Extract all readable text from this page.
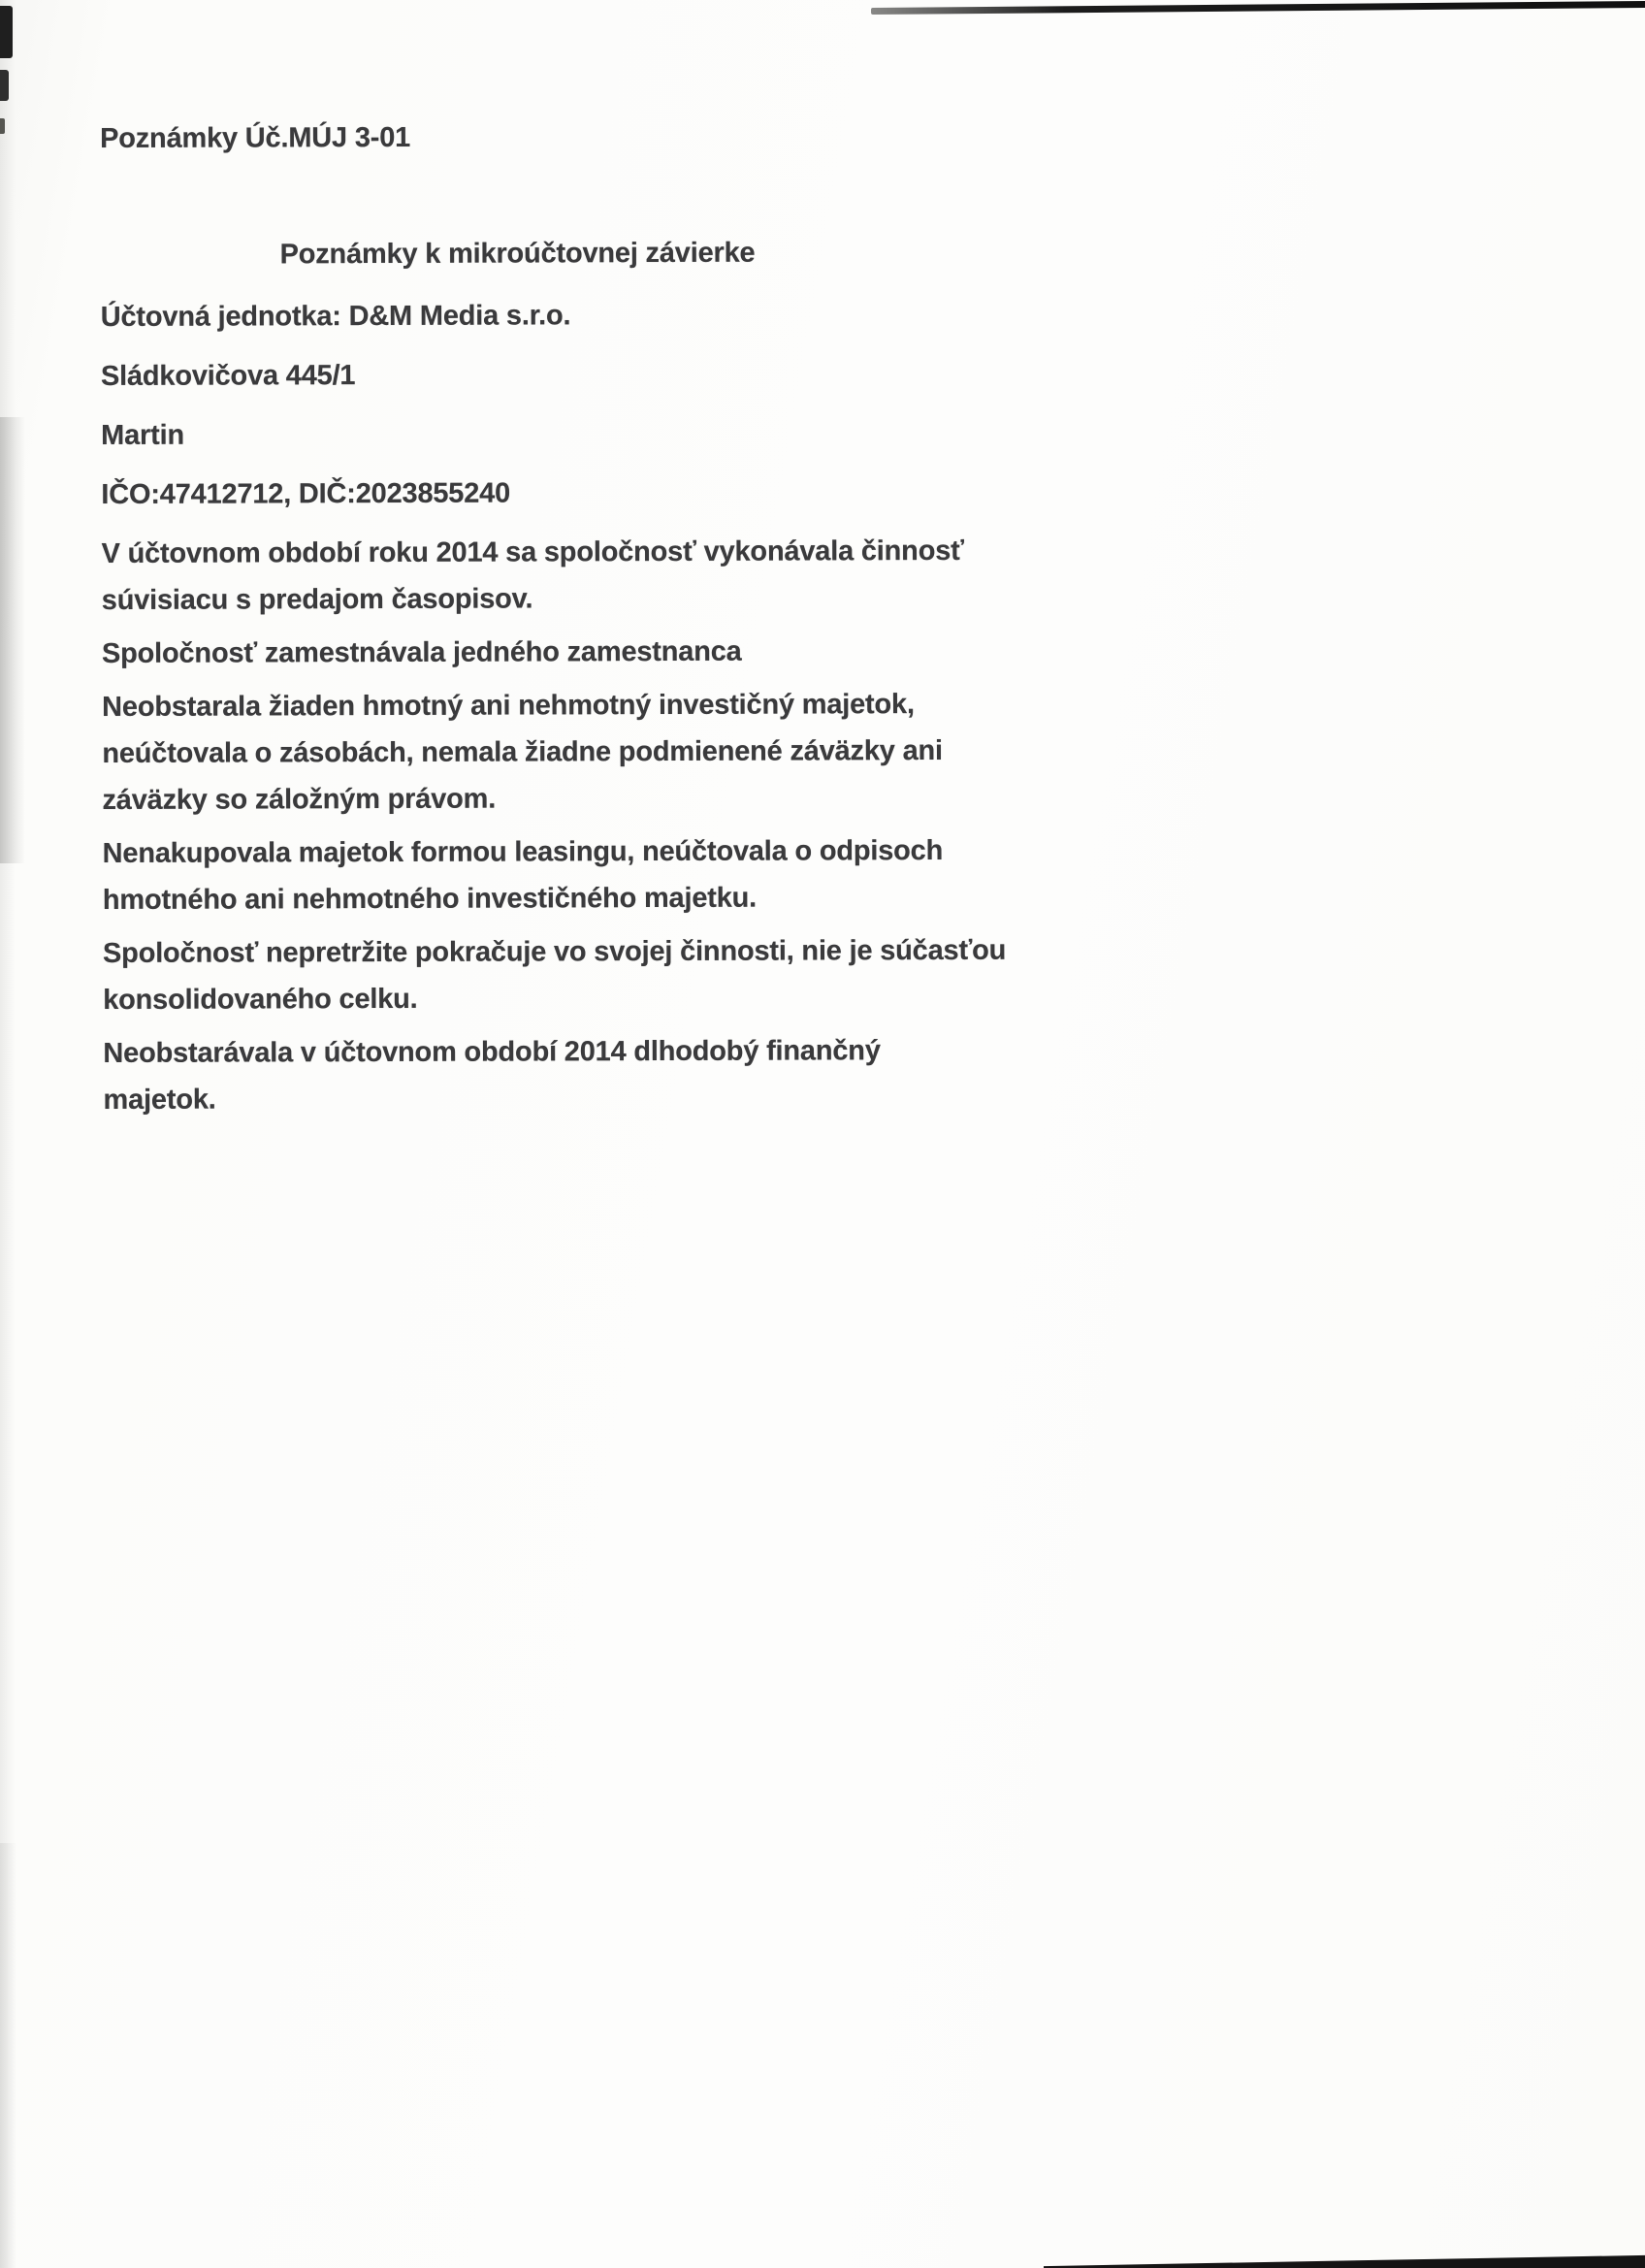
Poznámky Úč.MÚJ 3-01
Poznámky k mikroúčtovnej závierke
Účtovná jednotka: D&M Media s.r.o.
Sládkovičova 445/1
Martin
IČO:47412712, DIČ:2023855240
V účtovnom období roku 2014 sa spoločnosť vykonávala činnosť
súvisiacu s predajom časopisov.
Spoločnosť zamestnávala jedného zamestnanca
Neobstarala žiaden hmotný ani nehmotný investičný majetok,
neúčtovala o zásobách, nemala žiadne podmienené záväzky ani
záväzky so záložným právom.
Nenakupovala majetok formou leasingu, neúčtovala o odpisoch
hmotného ani nehmotného investičného majetku.
Spoločnosť nepretržite pokračuje vo svojej činnosti, nie je súčasťou
konsolidovaného celku.
Neobstarávala v účtovnom období 2014 dlhodobý finančný
majetok.
